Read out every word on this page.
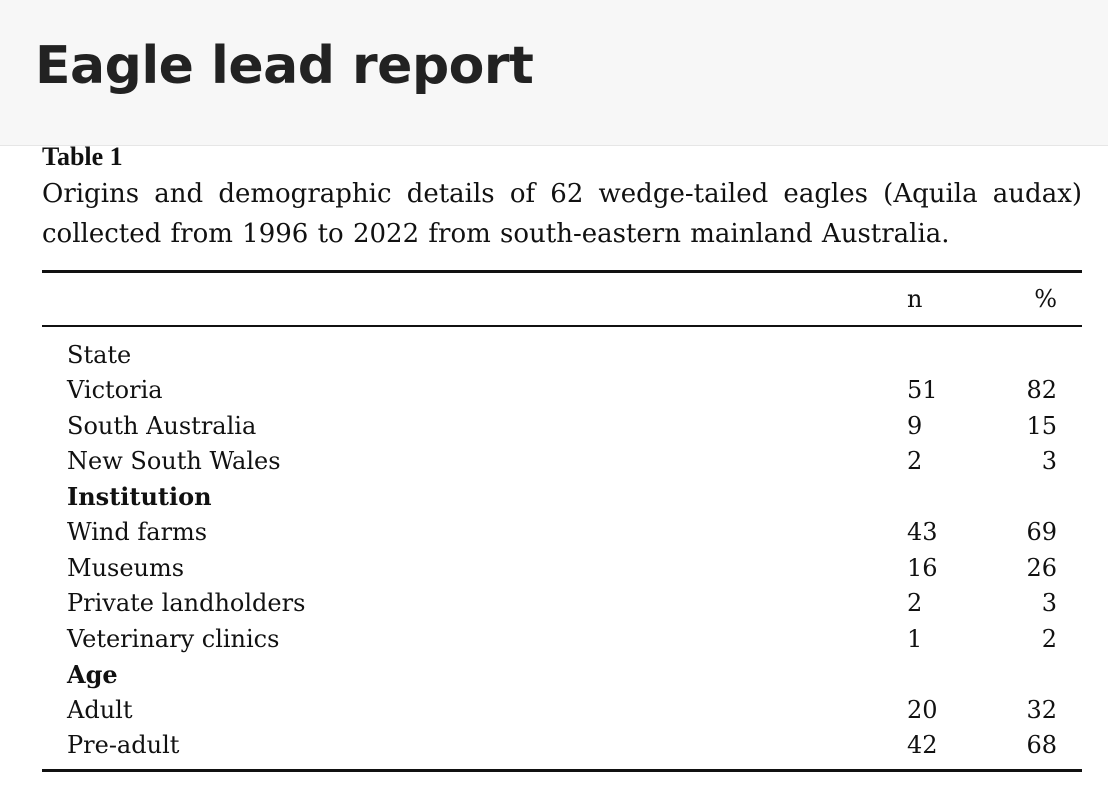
Eagle lead report
Table 1
Origins and demographic details of 62 wedge-tailed eagles (Aquila audax) collected from 1996 to 2022 from south-eastern mainland Australia.
		n		%

State				
Victoria		51		82
South Australia		9		15
New South Wales		2		3
Institution				
Wind farms		43		69
Museums		16		26
Private landholders		2		3
Veterinary clinics		1		2
Age				
Adult		20		32
Pre-adult		42		68
